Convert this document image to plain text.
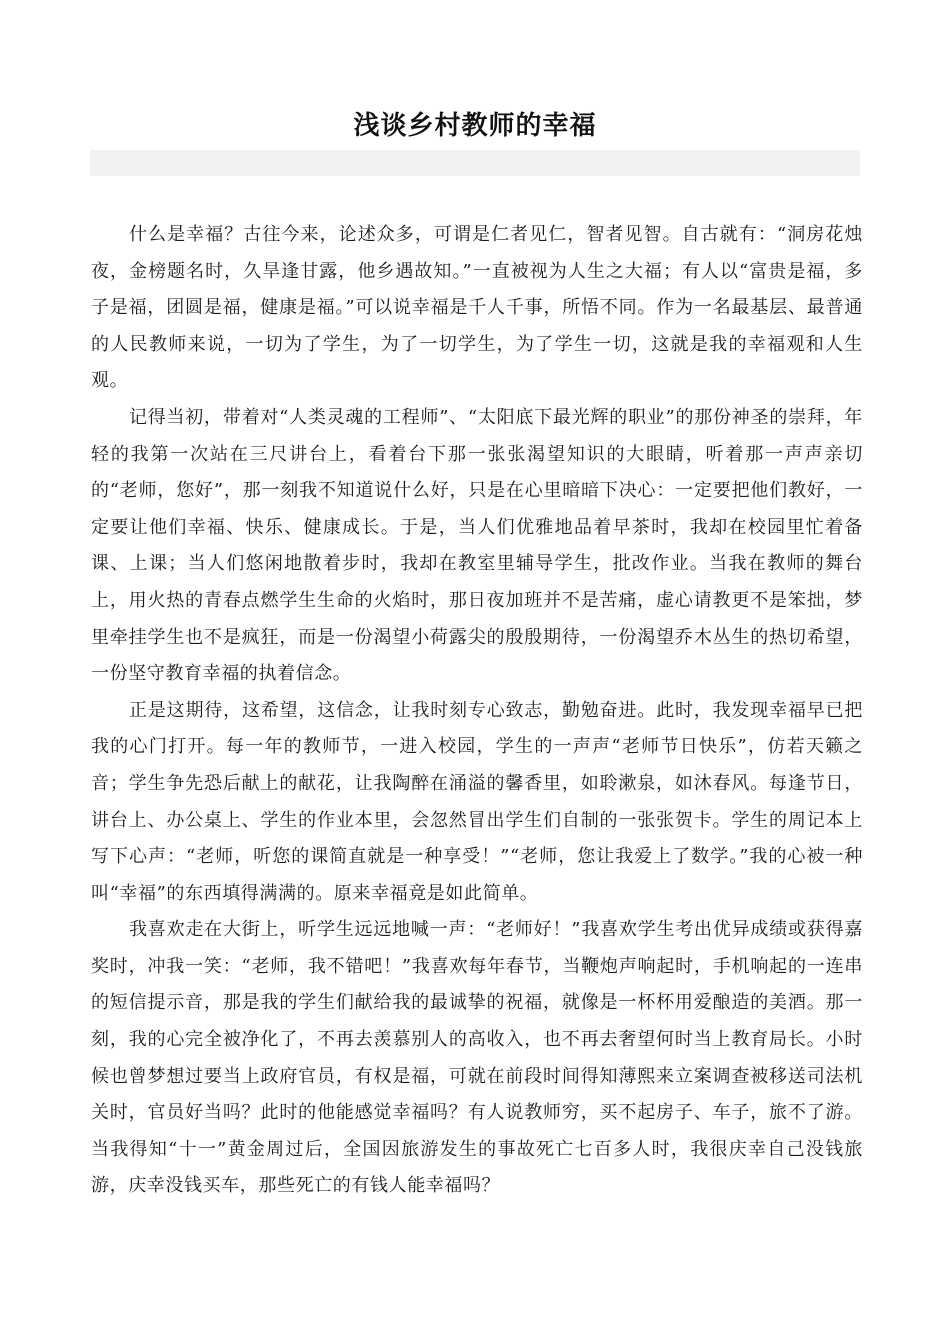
浅谈乡村教师的幸福

什么是幸福？古往今来，论述众多，可谓是仁者见仁，智者见智。自古就有：“洞房花烛夜，金榜题名时，久旱逢甘露，他乡遇故知。”一直被视为人生之大福；有人以“富贵是福，多子是福，团圆是福，健康是福。”可以说幸福是千人千事，所悟不同。作为一名最基层、最普通的人民教师来说，一切为了学生，为了一切学生，为了学生一切，这就是我的幸福观和人生观。

记得当初，带着对“人类灵魂的工程师”、“太阳底下最光辉的职业”的那份神圣的崇拜，年轻的我第一次站在三尺讲台上，看着台下那一张张渴望知识的大眼睛，听着那一声声亲切的“老师，您好”，那一刻我不知道说什么好，只是在心里暗暗下决心：一定要把他们教好，一定要让他们幸福、快乐、健康成长。于是，当人们优雅地品着早茶时，我却在校园里忙着备课、上课；当人们悠闲地散着步时，我却在教室里辅导学生，批改作业。当我在教师的舞台上，用火热的青春点燃学生生命的火焰时，那日夜加班并不是苦痛，虚心请教更不是笨拙，梦里牵挂学生也不是疯狂，而是一份渴望小荷露尖的殷殷期待，一份渴望乔木丛生的热切希望，一份坚守教育幸福的执着信念。

正是这期待，这希望，这信念，让我时刻专心致志，勤勉奋进。此时，我发现幸福早已把我的心门打开。每一年的教师节，一进入校园，学生的一声声“老师节日快乐”，仿若天籁之音；学生争先恐后献上的献花，让我陶醉在涌溢的馨香里，如聆漱泉，如沐春风。每逢节日，讲台上、办公桌上、学生的作业本里，会忽然冒出学生们自制的一张张贺卡。学生的周记本上写下心声：“老师，听您的课简直就是一种享受！”“老师，您让我爱上了数学。”我的心被一种叫“幸福”的东西填得满满的。原来幸福竟是如此简单。

我喜欢走在大街上，听学生远远地喊一声：“老师好！”我喜欢学生考出优异成绩或获得嘉奖时，冲我一笑：“老师，我不错吧！”我喜欢每年春节，当鞭炮声响起时，手机响起的一连串的短信提示音，那是我的学生们献给我的最诚挚的祝福，就像是一杯杯用爱酿造的美酒。那一刻，我的心完全被净化了，不再去羡慕别人的高收入，也不再去奢望何时当上教育局长。小时候也曾梦想过要当上政府官员，有权是福，可就在前段时间得知薄熙来立案调查被移送司法机关时，官员好当吗？此时的他能感觉幸福吗？有人说教师穷，买不起房子、车子，旅不了游。当我得知“十一”黄金周过后，全国因旅游发生的事故死亡七百多人时，我很庆幸自己没钱旅游，庆幸没钱买车，那些死亡的有钱人能幸福吗？
